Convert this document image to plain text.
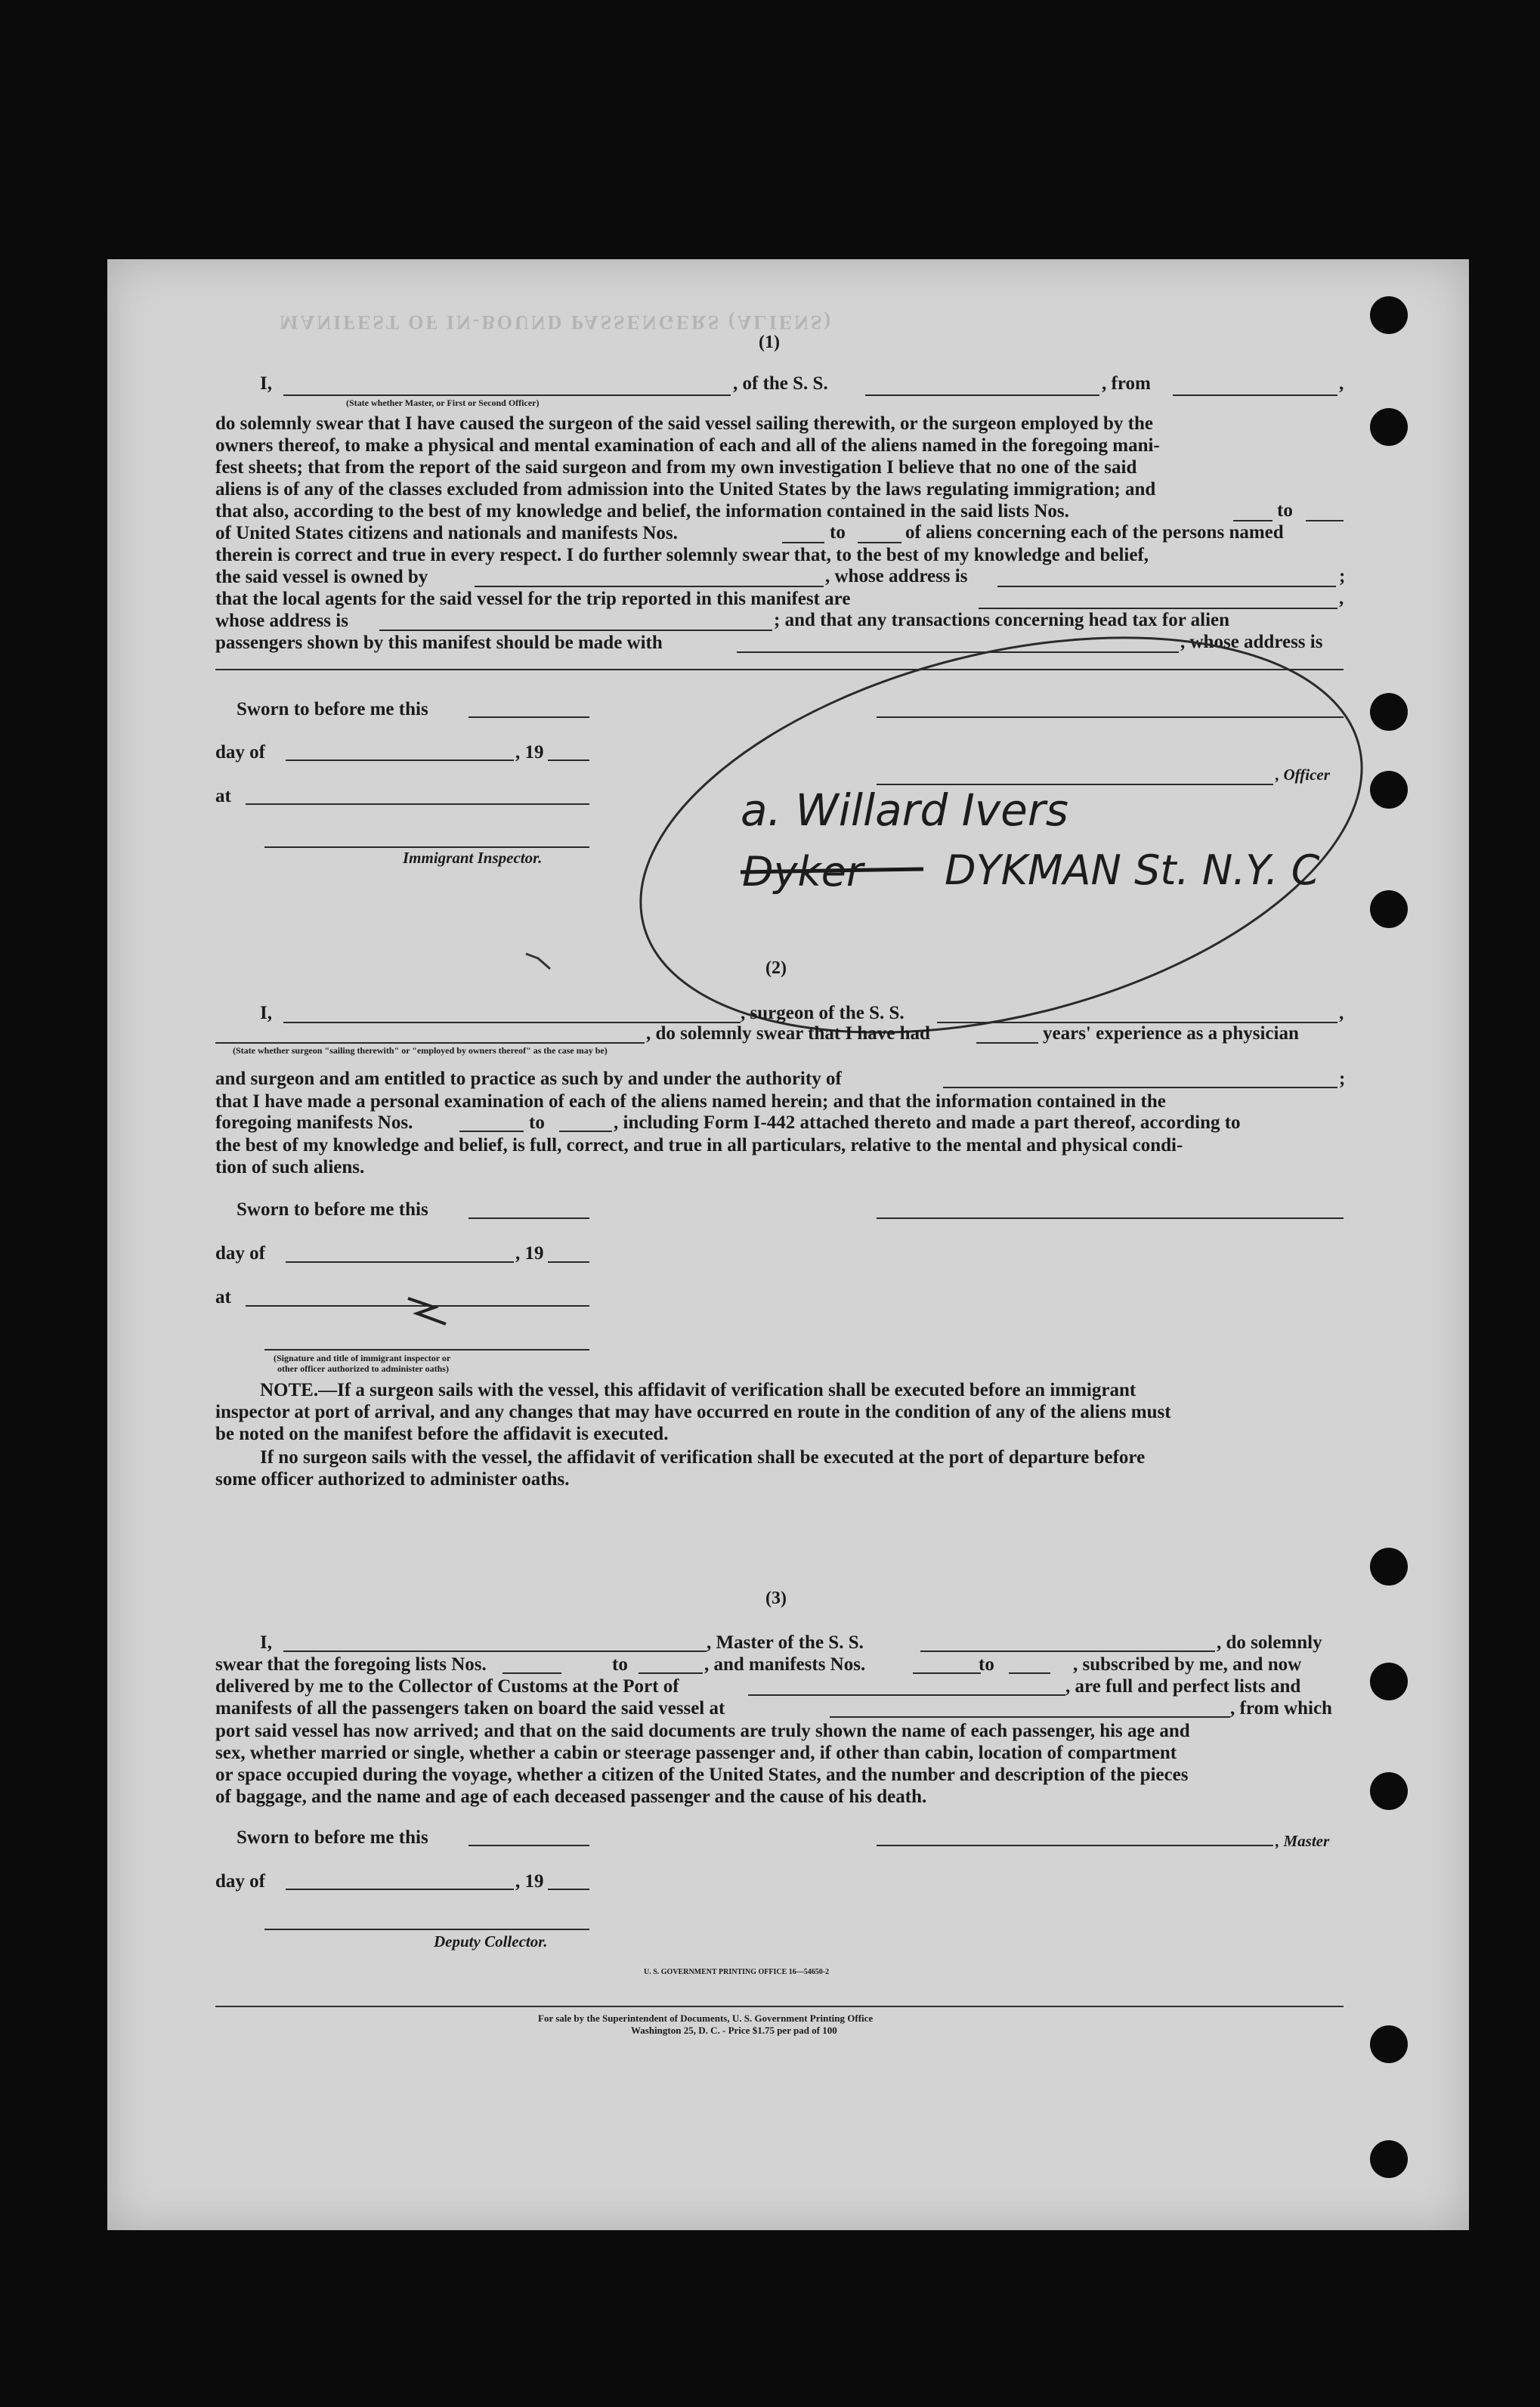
MANIFEST OF IN-BOUND PASSENGERS (ALIENS)
(1)
I,
(State whether Master, or First or Second Officer)
, of the S. S.	, from	,
do solemnly swear that I have caused the surgeon of the said vessel sailing therewith, or the surgeon employed by the
owners thereof, to make a physical and mental examination of each and all of the aliens named in the foregoing mani-
fest sheets; that from the report of the said surgeon and from my own investigation I believe that no one of the said
aliens is of any of the classes excluded from admission into the United States by the laws regulating immigration; and
that also, according to the best of my knowledge and belief, the information contained in the said lists Nos.	to
of United States citizens and nationals and manifests Nos.	to	of aliens concerning each of the persons named
therein is correct and true in every respect. I do further solemnly swear that, to the best of my knowledge and belief,
the said vessel is owned by	, whose address is	;
that the local agents for the said vessel for the trip reported in this manifest are	,
whose address is	; and that any transactions concerning head tax for alien
passengers shown by this manifest should be made with	, whose address is
Sworn to before me this
day of	, 19
, Officer
at
Immigrant Inspector.
a. Willard Ivers
Dyker DYKMAN St. N.Y. C
(2)
I,	, surgeon of the S. S.	,
(State whether surgeon "sailing therewith" or "employed by owners thereof" as the case may be)
, do solemnly swear that I have had	years' experience as a physician
and surgeon and am entitled to practice as such by and under the authority of	;
that I have made a personal examination of each of the aliens named herein; and that the information contained in the
foregoing manifests Nos.	to	, including Form I-442 attached thereto and made a part thereof, according to
the best of my knowledge and belief, is full, correct, and true in all particulars, relative to the mental and physical condi-
tion of such aliens.
Sworn to before me this
day of	, 19
at
(Signature and title of immigrant inspector or
other officer authorized to administer oaths)
NOTE.—If a surgeon sails with the vessel, this affidavit of verification shall be executed before an immigrant
inspector at port of arrival, and any changes that may have occurred en route in the condition of any of the aliens must
be noted on the manifest before the affidavit is executed.
If no surgeon sails with the vessel, the affidavit of verification shall be executed at the port of departure before
some officer authorized to administer oaths.
(3)
I,	, Master of the S. S.	, do solemnly
swear that the foregoing lists Nos.	to	, and manifests Nos.	to	, subscribed by me, and now
delivered by me to the Collector of Customs at the Port of	, are full and perfect lists and
manifests of all the passengers taken on board the said vessel at	, from which
port said vessel has now arrived; and that on the said documents are truly shown the name of each passenger, his age and
sex, whether married or single, whether a cabin or steerage passenger and, if other than cabin, location of compartment
or space occupied during the voyage, whether a citizen of the United States, and the number and description of the pieces
of baggage, and the name and age of each deceased passenger and the cause of his death.
Sworn to before me this	, Master
day of	, 19
Deputy Collector.
U. S. GOVERNMENT PRINTING OFFICE 16—54650-2
For sale by the Superintendent of Documents, U. S. Government Printing Office
Washington 25, D. C. - Price $1.75 per pad of 100
